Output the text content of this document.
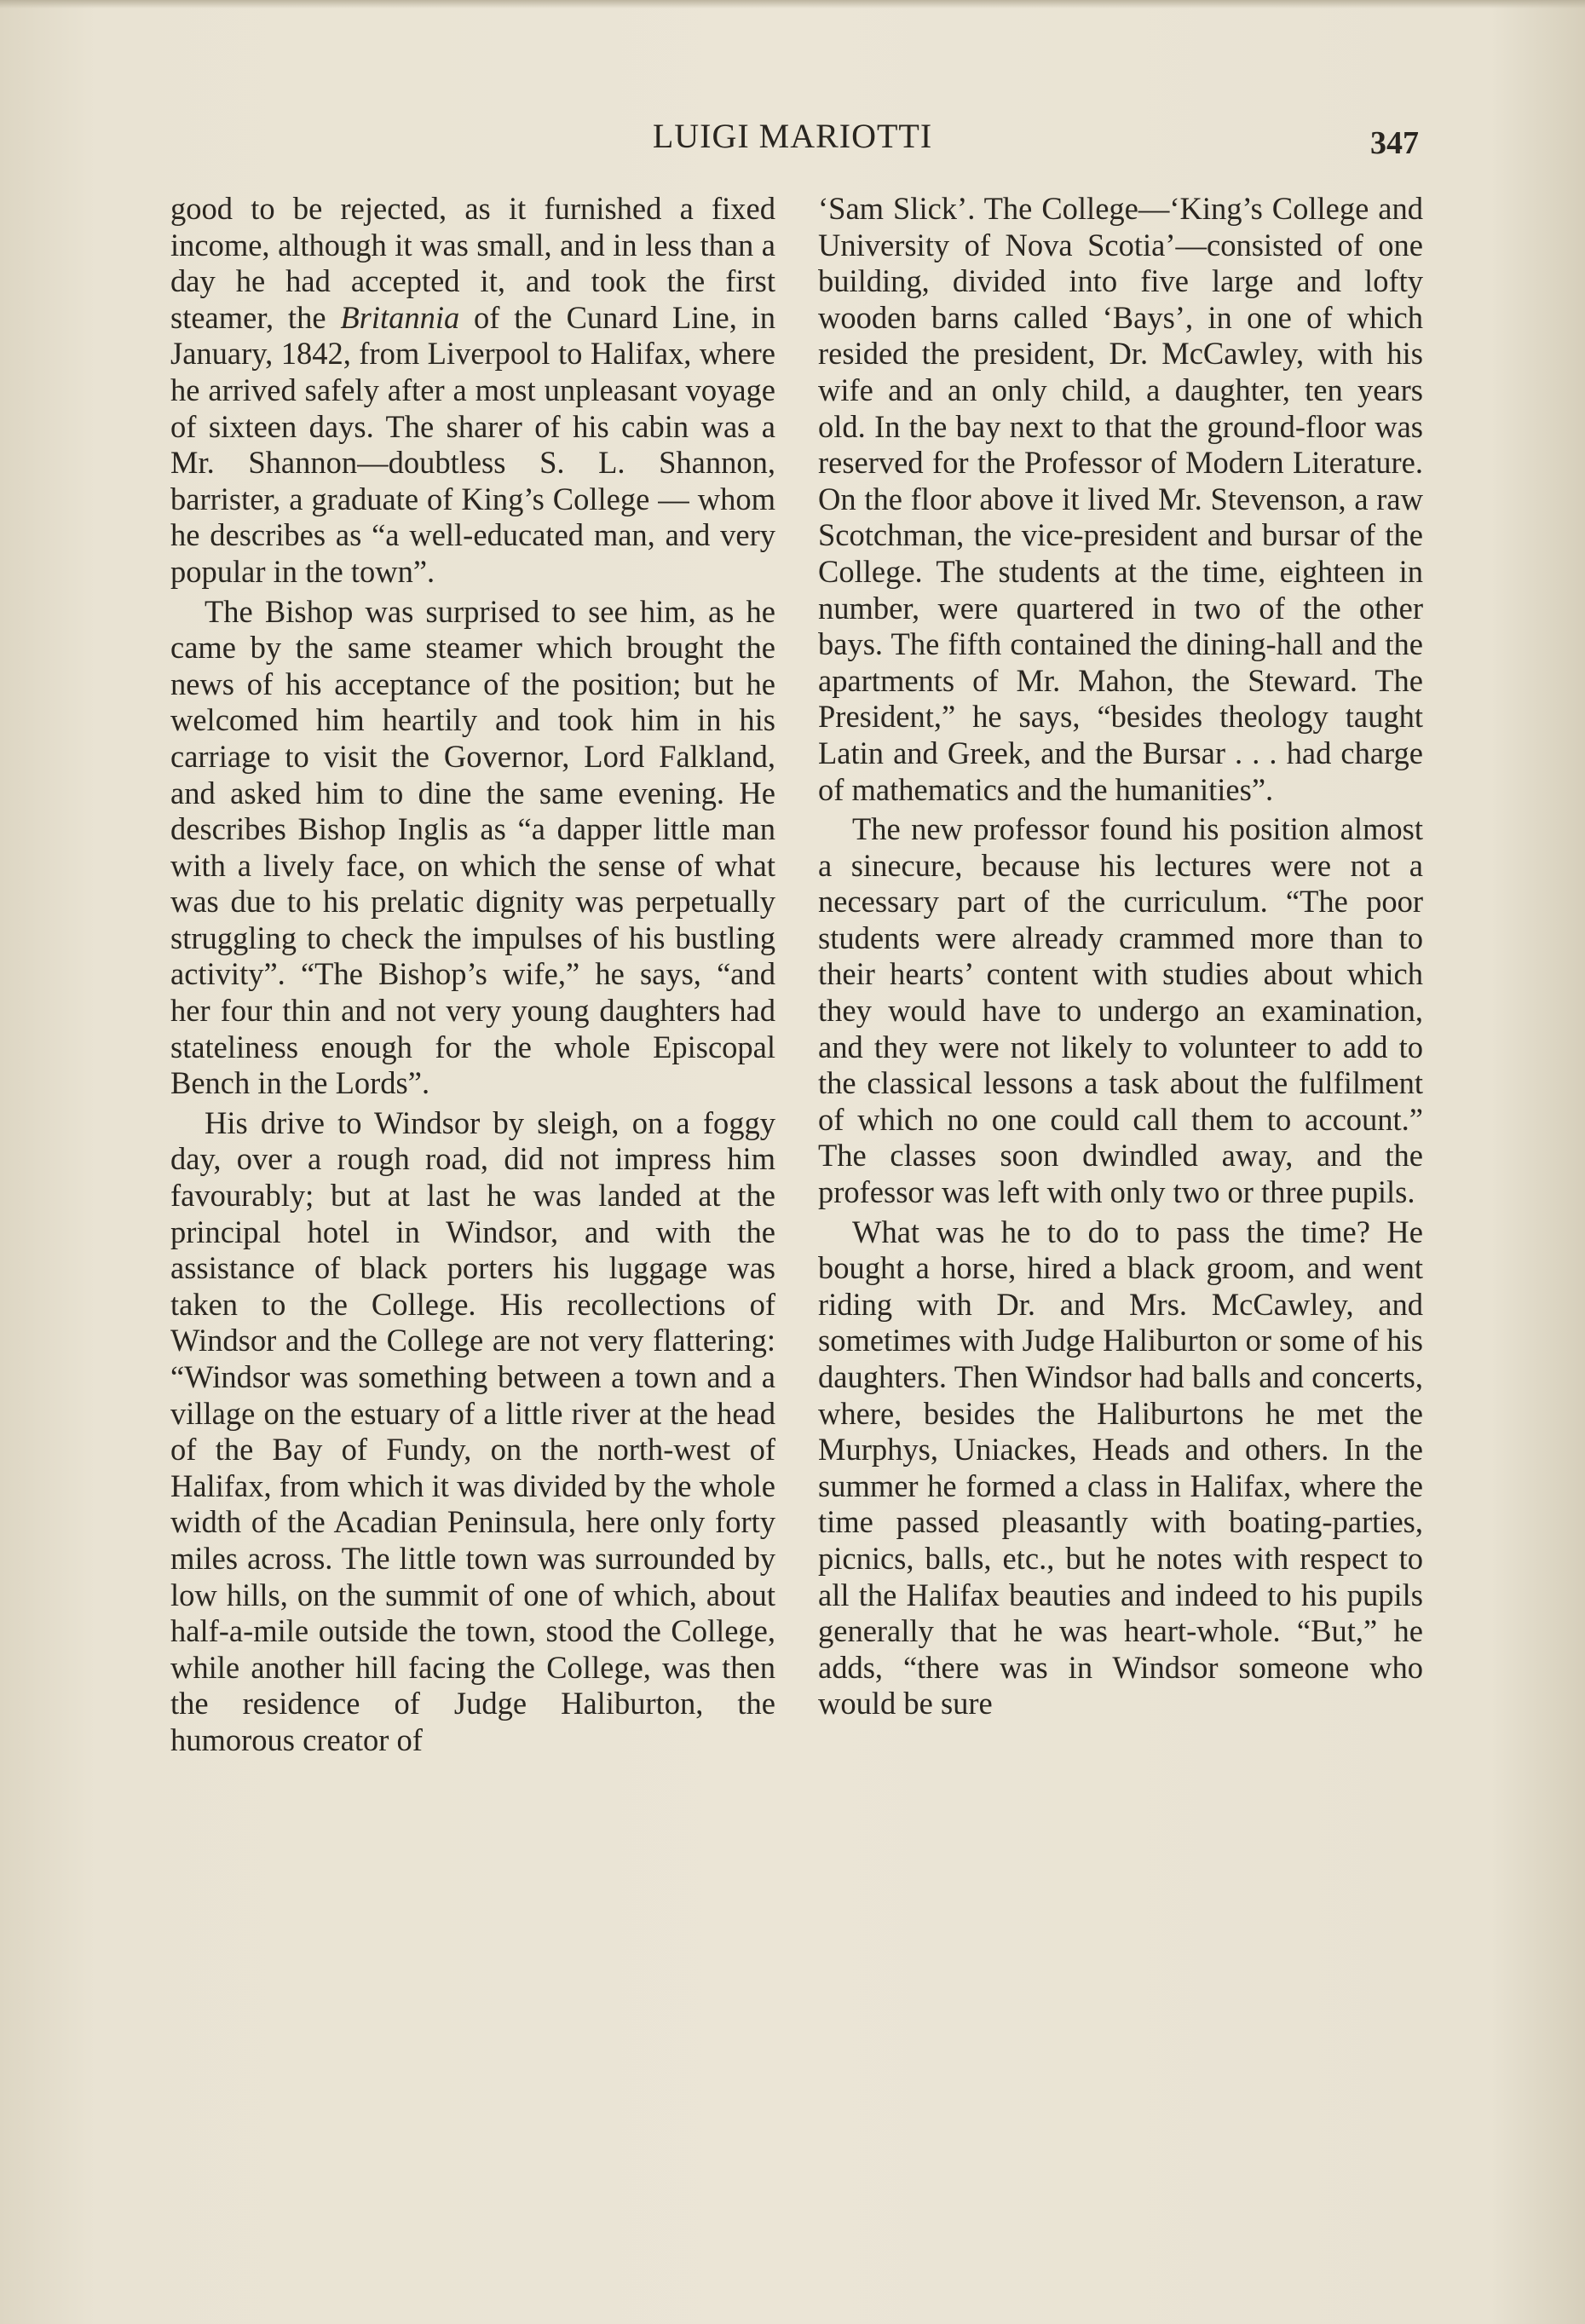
LUIGI MARIOTTI	347

good to be rejected, as it furnished a fixed income, although it was small, and in less than a day he had accepted it, and took the first steamer, the Britannia of the Cunard Line, in January, 1842, from Liverpool to Halifax, where he arrived safely after a most unpleasant voyage of sixteen days. The sharer of his cabin was a Mr. Shannon—doubtless S. L. Shannon, barrister, a graduate of King’s College — whom he describes as “a well-educated man, and very popular in the town”.

The Bishop was surprised to see him, as he came by the same steamer which brought the news of his acceptance of the position; but he welcomed him heartily and took him in his carriage to visit the Governor, Lord Falkland, and asked him to dine the same evening. He describes Bishop Inglis as “a dapper little man with a lively face, on which the sense of what was due to his prelatic dignity was perpetually struggling to check the impulses of his bustling activity”. “The Bishop’s wife,” he says, “and her four thin and not very young daughters had stateliness enough for the whole Episcopal Bench in the Lords”.

His drive to Windsor by sleigh, on a foggy day, over a rough road, did not impress him favourably; but at last he was landed at the principal hotel in Windsor, and with the assistance of black porters his luggage was taken to the College. His recollections of Windsor and the College are not very flattering: “Windsor was something between a town and a village on the estuary of a little river at the head of the Bay of Fundy, on the north-west of Halifax, from which it was divided by the whole width of the Acadian Peninsula, here only forty miles across. The little town was surrounded by low hills, on the summit of one of which, about half-a-mile outside the town, stood the College, while another hill facing the College, was then the residence of Judge Haliburton, the humorous creator of

‘Sam Slick’. The College—‘King’s College and University of Nova Scotia’—consisted of one building, divided into five large and lofty wooden barns called ‘Bays’, in one of which resided the president, Dr. McCawley, with his wife and an only child, a daughter, ten years old. In the bay next to that the ground-floor was reserved for the Professor of Modern Literature. On the floor above it lived Mr. Stevenson, a raw Scotchman, the vice-president and bursar of the College. The students at the time, eighteen in number, were quartered in two of the other bays. The fifth contained the dining-hall and the apartments of Mr. Mahon, the Steward. The President,” he says, “besides theology taught Latin and Greek, and the Bursar . . . had charge of mathematics and the humanities”.

The new professor found his position almost a sinecure, because his lectures were not a necessary part of the curriculum. “The poor students were already crammed more than to their hearts’ content with studies about which they would have to undergo an examination, and they were not likely to volunteer to add to the classical lessons a task about the fulfilment of which no one could call them to account.” The classes soon dwindled away, and the professor was left with only two or three pupils.

What was he to do to pass the time? He bought a horse, hired a black groom, and went riding with Dr. and Mrs. McCawley, and sometimes with Judge Haliburton or some of his daughters. Then Windsor had balls and concerts, where, besides the Haliburtons he met the Murphys, Uniackes, Heads and others. In the summer he formed a class in Halifax, where the time passed pleasantly with boating-parties, picnics, balls, etc., but he notes with respect to all the Halifax beauties and indeed to his pupils generally that he was heart-whole. “But,” he adds, “there was in Windsor someone who would be sure
